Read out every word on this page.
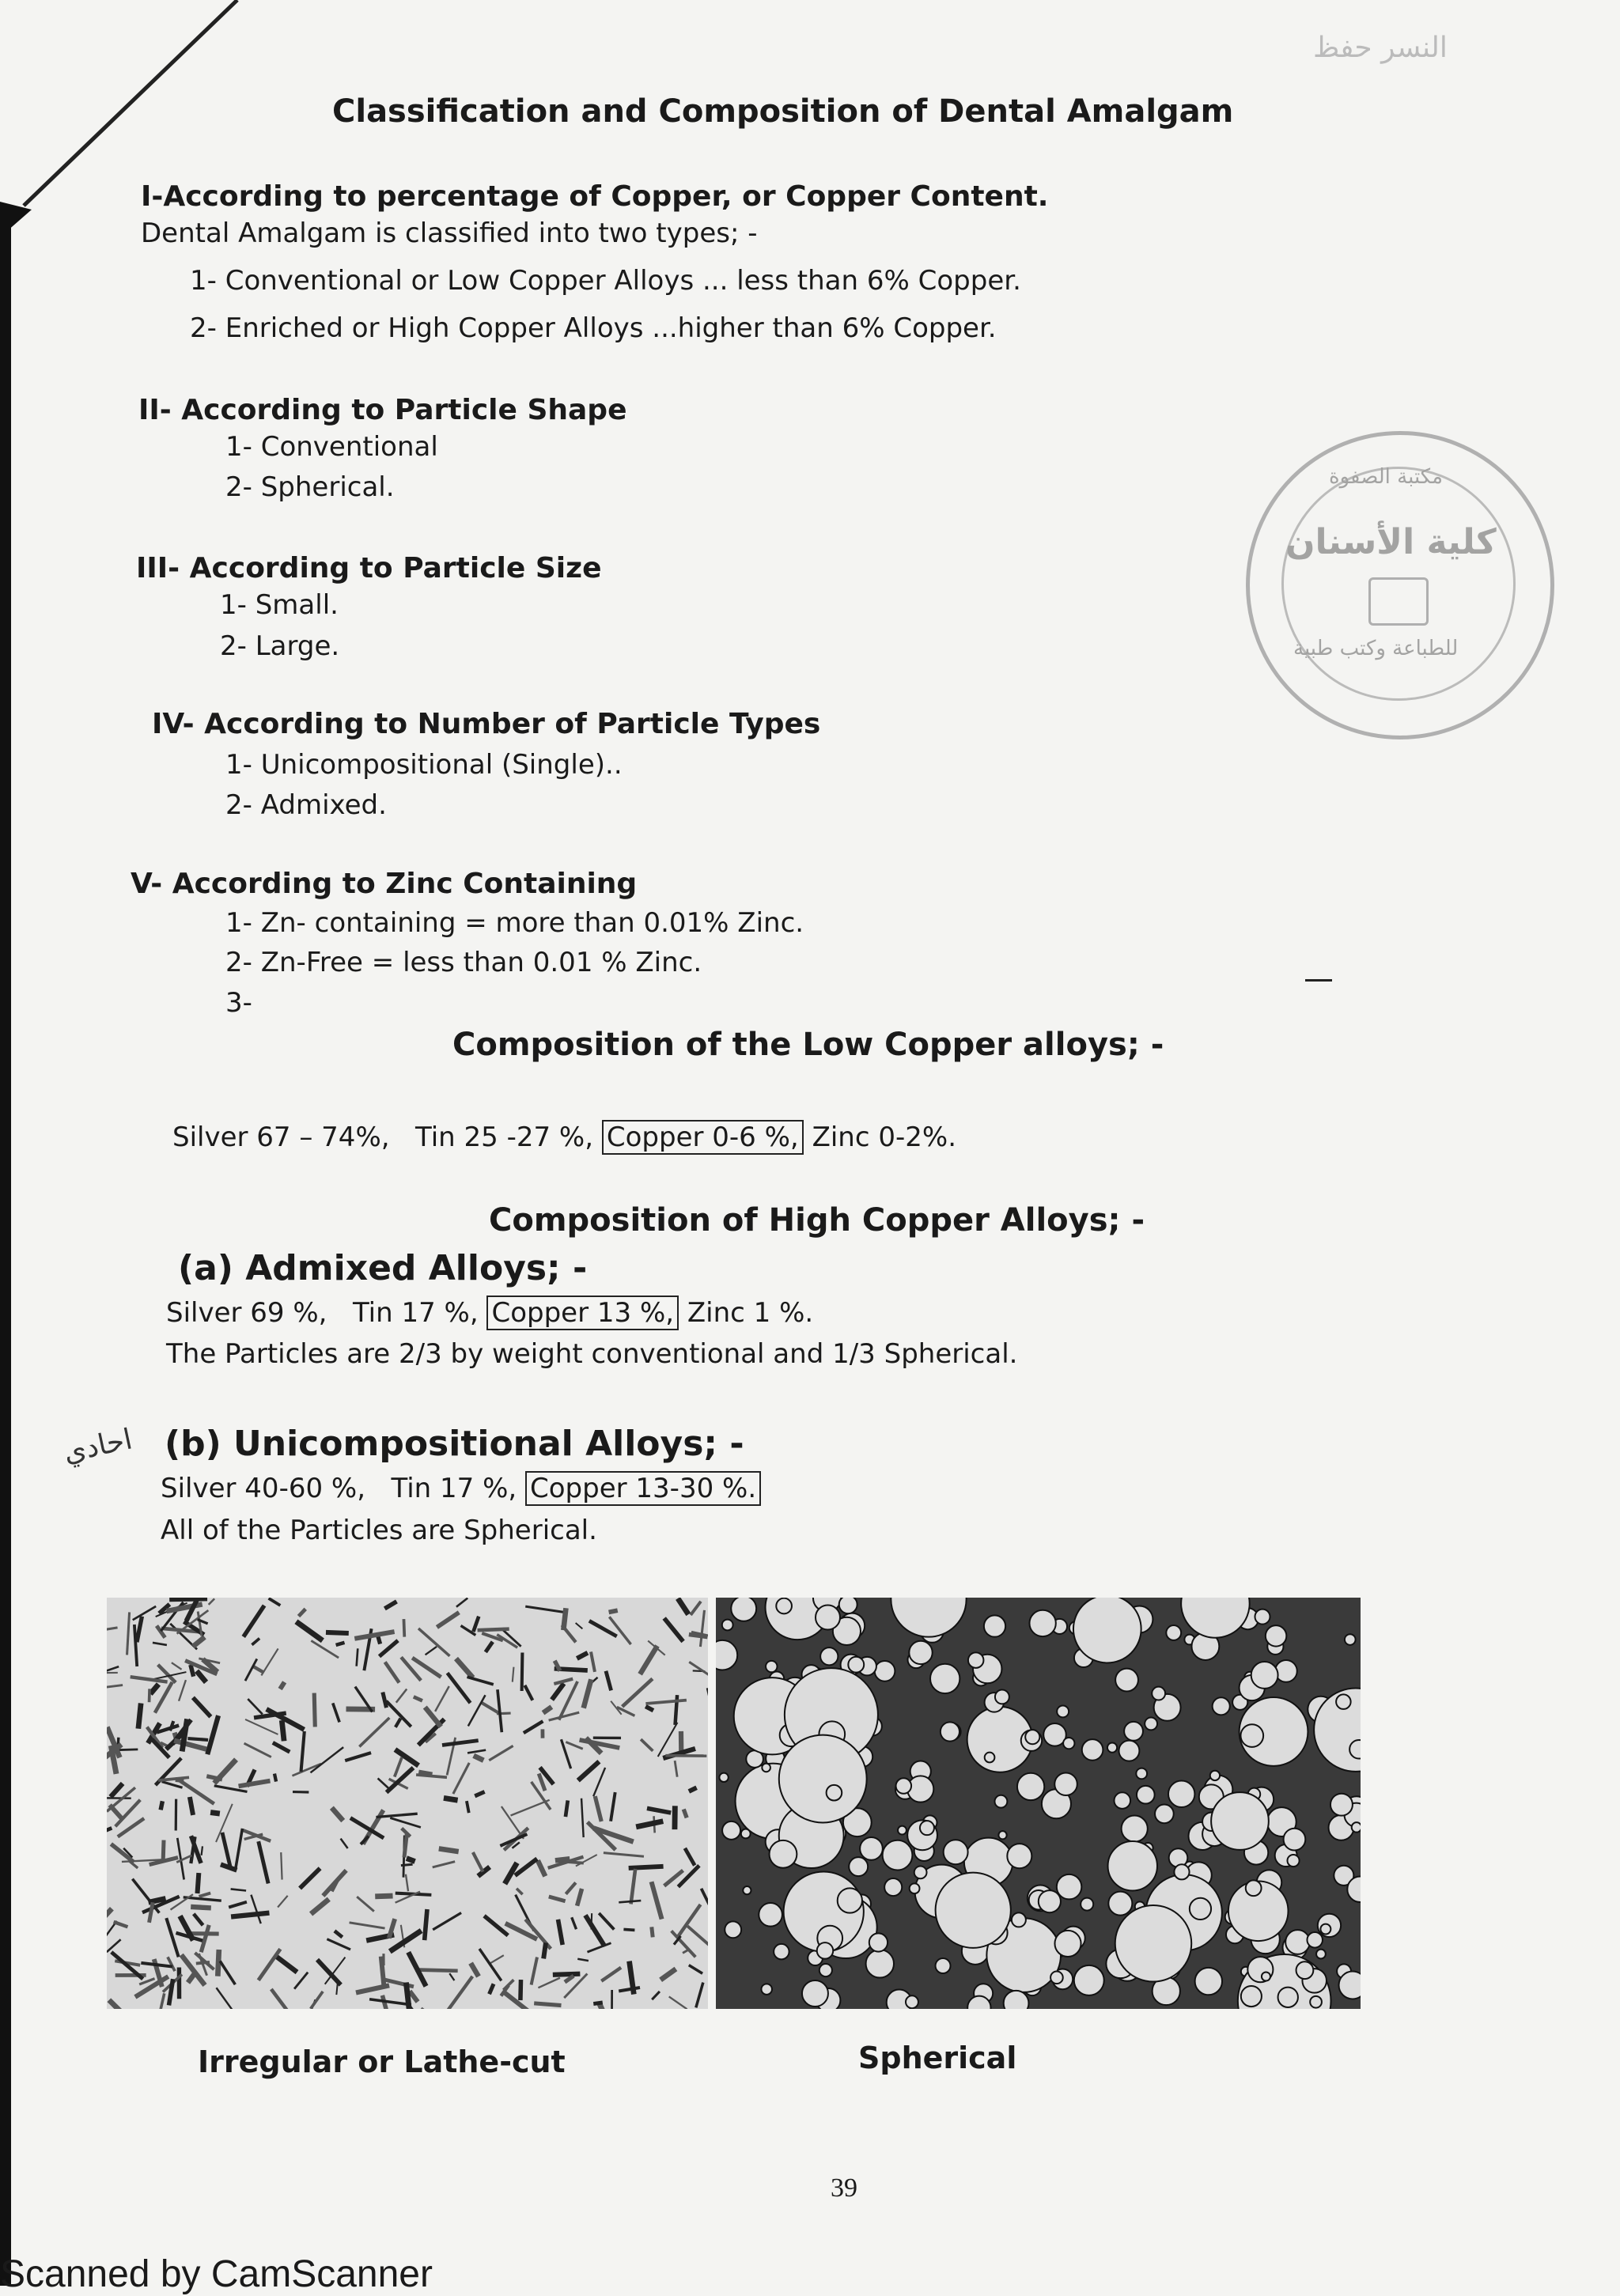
النسر حفظ
Classification and Composition of Dental Amalgam
I-According to percentage of Copper, or Copper Content.
Dental Amalgam is classified into two types; -
1- Conventional or Low Copper Alloys ... less than 6% Copper.
2- Enriched or High Copper Alloys ...higher than 6% Copper.
II- According to Particle Shape
1- Conventional
2- Spherical.
III- According to Particle Size
1- Small.
2- Large.
مكتبة الصفوة
كلية الأسنان
للطباعة وكتب طبية
IV- According to Number of Particle Types
1- Unicompositional (Single)..
2- Admixed.
V- According to Zinc Containing
1- Zn- containing = more than 0.01% Zinc.
2- Zn-Free = less than 0.01 % Zinc.
3-
Composition of the Low Copper alloys; -
Silver 67 – 74%, Tin 25 -27 %, Copper 0-6 %, Zinc 0-2%.
Composition of High Copper Alloys; -
(a) Admixed Alloys; -
Silver 69 %, Tin 17 %, Copper 13 %, Zinc 1 %.
The Particles are 2/3 by weight conventional and 1/3 Spherical.
احادي (b) Unicompositional Alloys; -
Silver 40-60 %, Tin 17 %, Copper 13-30 %.
All of the Particles are Spherical.
Irregular or Lathe-cut	Spherical
39
Scanned by CamScanner
